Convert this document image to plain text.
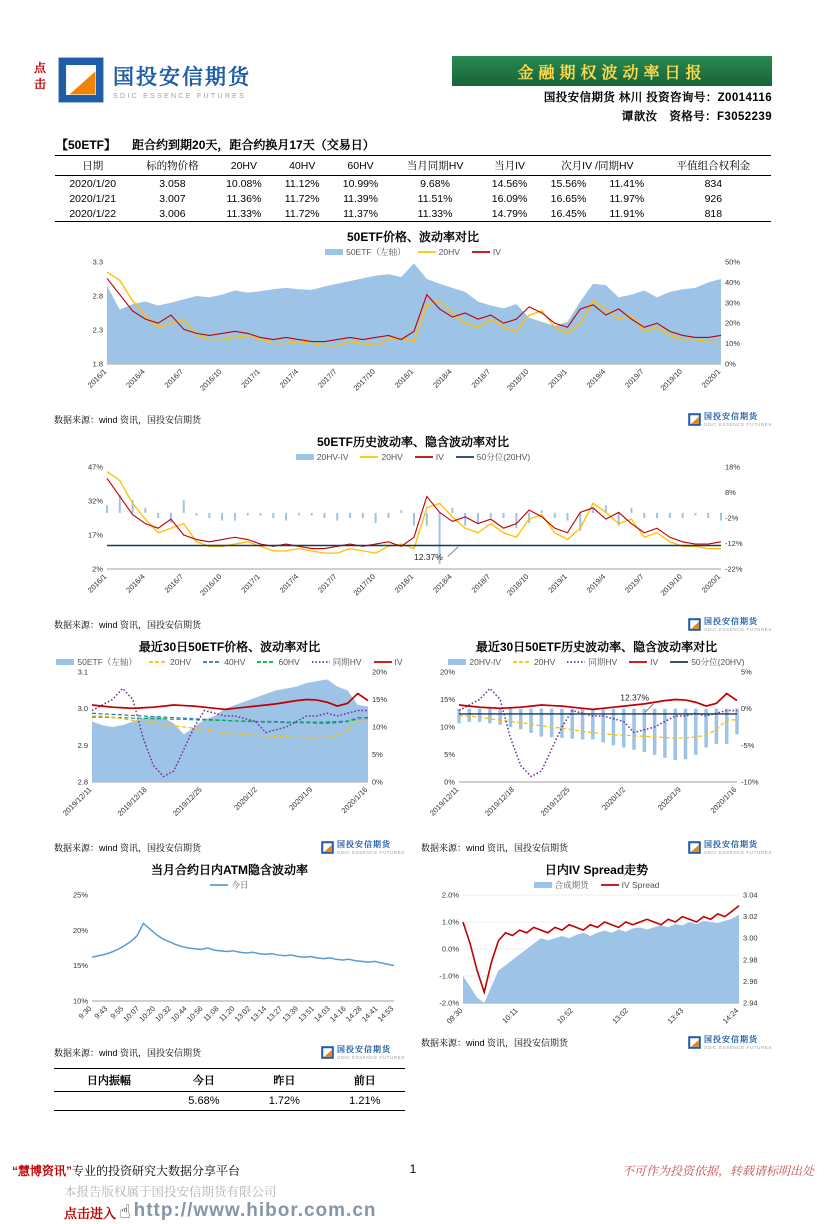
点击	国投安信期货
SDIC ESSENCE FUTURES
金融期权波动率日报
国投安信期货 林川 投资咨询号：Z0014116
谭歆汝　资格号：F3052239
【50ETF】 距合约到期20天，距合约换月17天（交易日）
日期	标的物价格	20HV	40HV	60HV	当月同期HV	当月IV	次月IV /同期HV		平值组合权利金
2020/1/20	3.058	10.08%	11.12%	10.99%	9.68%	14.56%	15.56%	11.41%	834
2020/1/21	3.007	11.36%	11.72%	11.39%	11.51%	16.09%	16.65%	11.97%	926
2020/1/22	3.006	11.33%	11.72%	11.37%	11.33%	14.79%	16.45%	11.91%	818
50ETF价格、波动率对比
50ETF（左轴）	20HV	IV
1.8
2.3
2.8
3.3
0%
10%
20%
30%
40%
50%
2016/1 2016/4 2016/7 2016/10 2017/1 2017/4 2017/7 2017/10 2018/1 2018/4 2018/7 2018/10 2019/1 2019/4 2019/7 2019/10 2020/1
数据来源：wind 资讯，国投安信期货	国投安信期货
SDIC ESSENCE FUTURES
50ETF历史波动率、隐含波动率对比
20HV-IV	20HV	IV	50分位(20HV)
2%
17%
32%
47%
-22%
-12%
-2%
8%
18%
2016/1 2016/4 2016/7 2016/10 2017/1 2017/4 2017/7 2017/10 2018/1 2018/4 2018/7 2018/10 2019/1 2019/4 2019/7 2019/10 2020/1
12.37%
数据来源：wind 资讯，国投安信期货	国投安信期货
SDIC ESSENCE FUTURES
最近30日50ETF价格、波动率对比
50ETF（左轴）	20HV	40HV	60HV	同期HV	IV
2.8
2.9
3.0
3.1
0%
5%
10%
15%
20%
2019/12/11	2019/12/18	2019/12/25	2020/1/2	2020/1/9	2020/1/16
数据来源：wind 资讯，国投安信期货	国投安信期货
SDIC ESSENCE FUTURES
最近30日50ETF历史波动率、隐含波动率对比
20HV-IV	20HV	同期HV	IV	50分位(20HV)
0%
5%
10%
15%
20%
-10%
-5%
0%
5%
2019/12/11	2019/12/18	2019/12/25	2020/1/2	2020/1/9	2020/1/16
12.37%
数据来源：wind 资讯，国投安信期货	国投安信期货
SDIC ESSENCE FUTURES
当月合约日内ATM隐含波动率
今日
10%
15%
20%
25%
9:30 9:43 9:55
10:07
10:20
10:32
10:44
10:56
11:08
11:20
13:02
13:14
13:27
13:39
13:51
14:03
14:16
14:28
14:41
14:53
数据来源：wind 资讯，国投安信期货	国投安信期货
SDIC ESSENCE FUTURES
日内振幅	今日	昨日	前日
	5.68%	1.72%	1.21%
日内IV Spread走势
合成期货	IV Spread
-2.0%
-1.0%
0.0%
1.0%
2.0%
2.94
2.96
2.98
3.00
3.02
3.04
09:30	10:11	10:52	13:02	13:43	14:24
数据来源：wind 资讯，国投安信期货	国投安信期货
SDIC ESSENCE FUTURES
“慧博资讯”专业的投资研究大数据分享平台	1	不可作为投资依据，转载请标明出处
本报告版权属于国投安信期货有限公司
点击进入 ☝ http://www.hibor.com.cn
